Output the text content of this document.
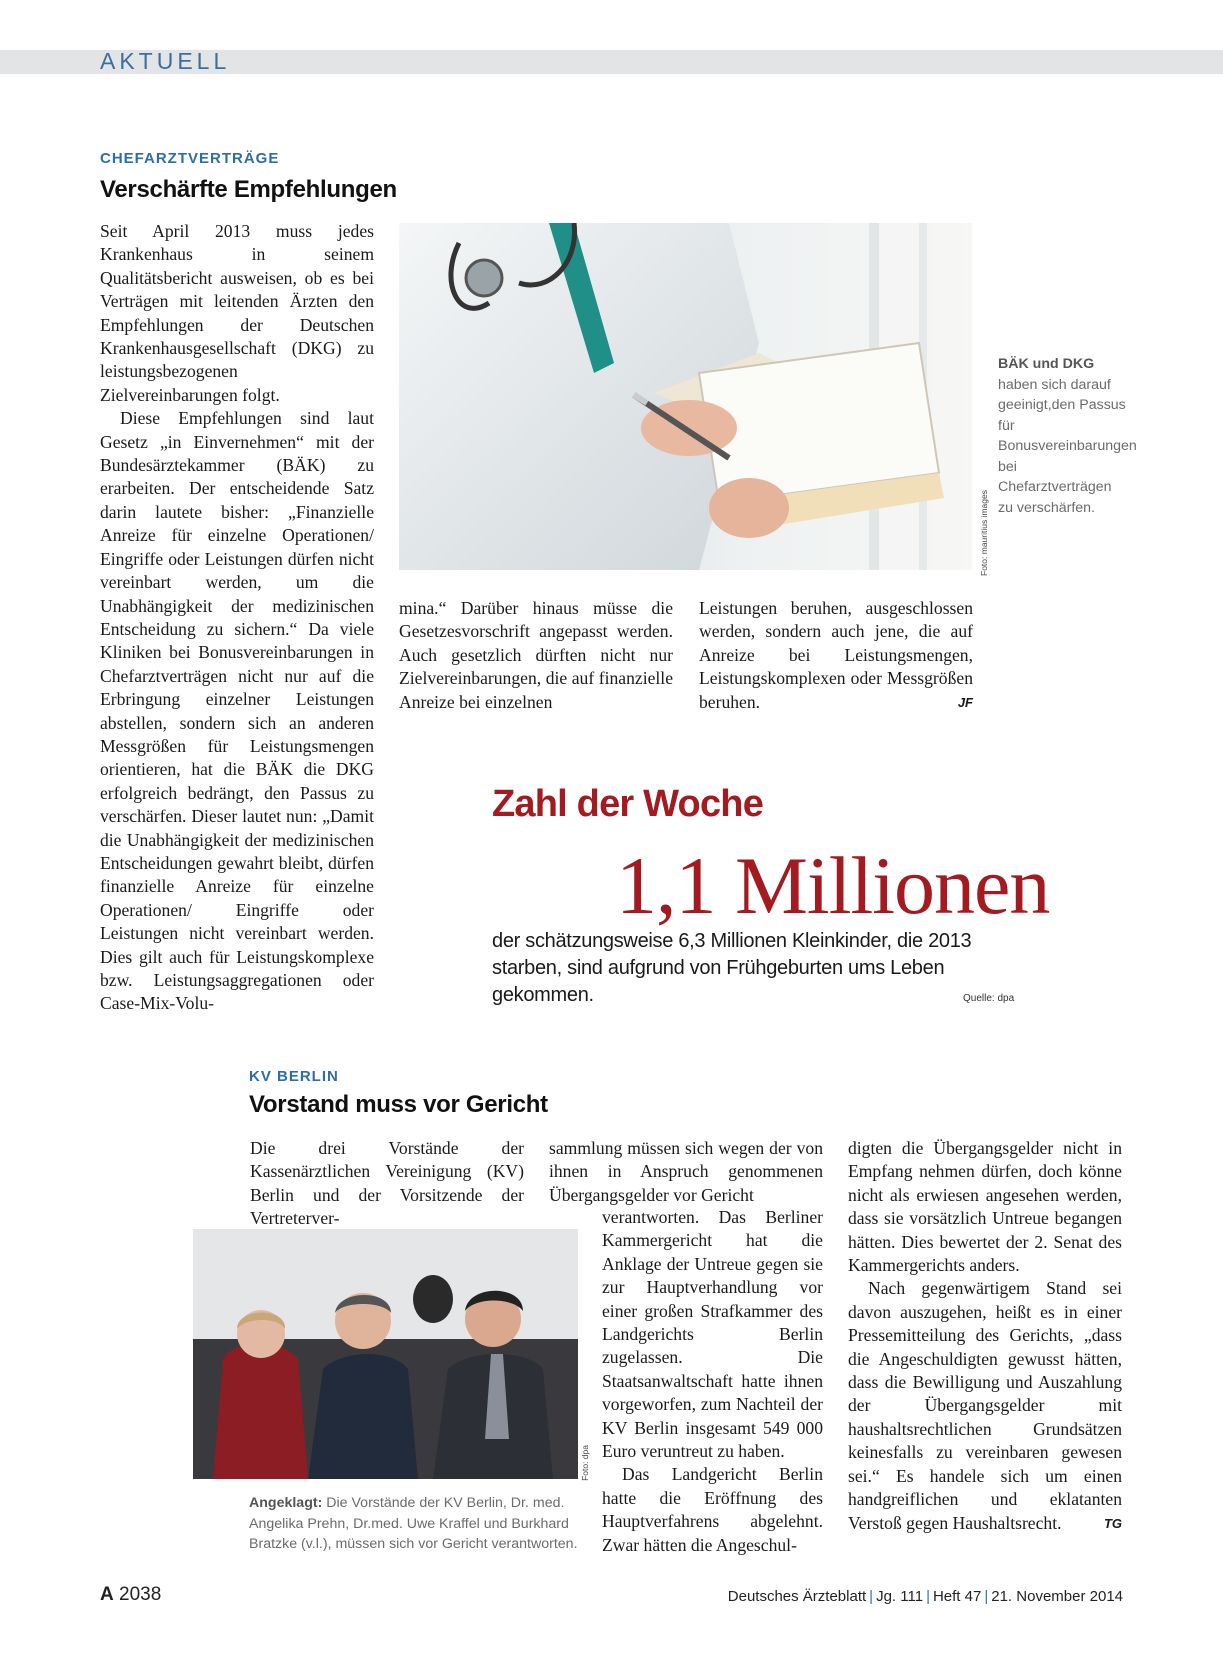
AKTUELL
CHEFARZTVERTRÄGE
Verschärfte Empfehlungen

Seit April 2013 muss jedes Krankenhaus in seinem Qualitätsbericht ausweisen, ob es bei Verträgen mit leitenden Ärzten den Empfehlungen der Deutschen Krankenhausgesellschaft (DKG) zu leistungsbezogenen Zielvereinbarungen folgt.

Diese Empfehlungen sind laut Gesetz „in Einvernehmen“ mit der Bundesärztekammer (BÄK) zu erarbeiten. Der entscheidende Satz darin lautete bisher: „Finanzielle Anreize für einzelne Operationen/ Eingriffe oder Leistungen dürfen nicht vereinbart werden, um die Unabhängigkeit der medizinischen Entscheidung zu sichern.“ Da viele Kliniken bei Bonusvereinbarungen in Chefarztverträgen nicht nur auf die Erbringung einzelner Leistungen abstellen, sondern sich an anderen Messgrößen für Leistungsmengen orientieren, hat die BÄK die DKG erfolgreich bedrängt, den Passus zu verschärfen. Dieser lautet nun: „Damit die Unabhängigkeit der medizinischen Entscheidungen gewahrt bleibt, dürfen finanzielle Anreize für einzelne Operationen/ Eingriffe oder Leistungen nicht vereinbart werden. Dies gilt auch für Leistungskomplexe bzw. Leistungsaggregationen oder Case-Mix-Volu-

Foto: mauritius images
BÄK und DKG
haben sich darauf geeinigt,den Passus für Bonusvereinbarungen bei Chefarztverträgen zu verschärfen.

mina.“ Darüber hinaus müsse die Gesetzesvorschrift angepasst werden. Auch gesetzlich dürften nicht nur Zielvereinbarungen, die auf finanzielle Anreize bei einzelnen

Leistungen beruhen, ausgeschlossen werden, sondern auch jene, die auf Anreize bei Leistungsmengen, Leistungskomplexen oder Messgrößen beruhen.	JF

Zahl der Woche
1,1 Millionen
der schätzungsweise 6,3 Millionen Kleinkinder, die 2013 starben, sind aufgrund von Frühgeburten ums Leben gekommen.	Quelle: dpa
KV BERLIN
Vorstand muss vor Gericht

Die drei Vorstände der Kassenärztlichen Vereinigung (KV) Berlin und der Vorsitzende der Vertreterver-

Foto: dpa
Angeklagt: Die Vorstände der KV Berlin, Dr. med. Angelika Prehn, Dr.med. Uwe Kraffel und Burkhard Bratzke (v.l.), müssen sich vor Gericht verantworten.

sammlung müssen sich wegen der von ihnen in Anspruch genommenen Übergangsgelder vor Gericht

verantworten. Das Berliner Kammergericht hat die Anklage der Untreue gegen sie zur Hauptverhandlung vor einer großen Strafkammer des Landgerichts Berlin zugelassen. Die Staatsanwaltschaft hatte ihnen vorgeworfen, zum Nachteil der KV Berlin insgesamt 549 000 Euro veruntreut zu haben.

Das Landgericht Berlin hatte die Eröffnung des Hauptverfahrens abgelehnt. Zwar hätten die Angeschul-

digten die Übergangsgelder nicht in Empfang nehmen dürfen, doch könne nicht als erwiesen angesehen werden, dass sie vorsätzlich Untreue begangen hätten. Dies bewertet der 2. Senat des Kammergerichts anders.

Nach gegenwärtigem Stand sei davon auszugehen, heißt es in einer Pressemitteilung des Gerichts, „dass die Angeschuldigten gewusst hätten, dass die Bewilligung und Auszahlung der Übergangsgelder mit haushaltsrechtlichen Grundsätzen keinesfalls zu vereinbaren gewesen sei.“ Es handele sich um einen handgreiflichen und eklatanten Verstoß gegen Haushaltsrecht.	TG

A 2038	Deutsches Ärzteblatt | Jg. 111 | Heft 47 | 21. November 2014
